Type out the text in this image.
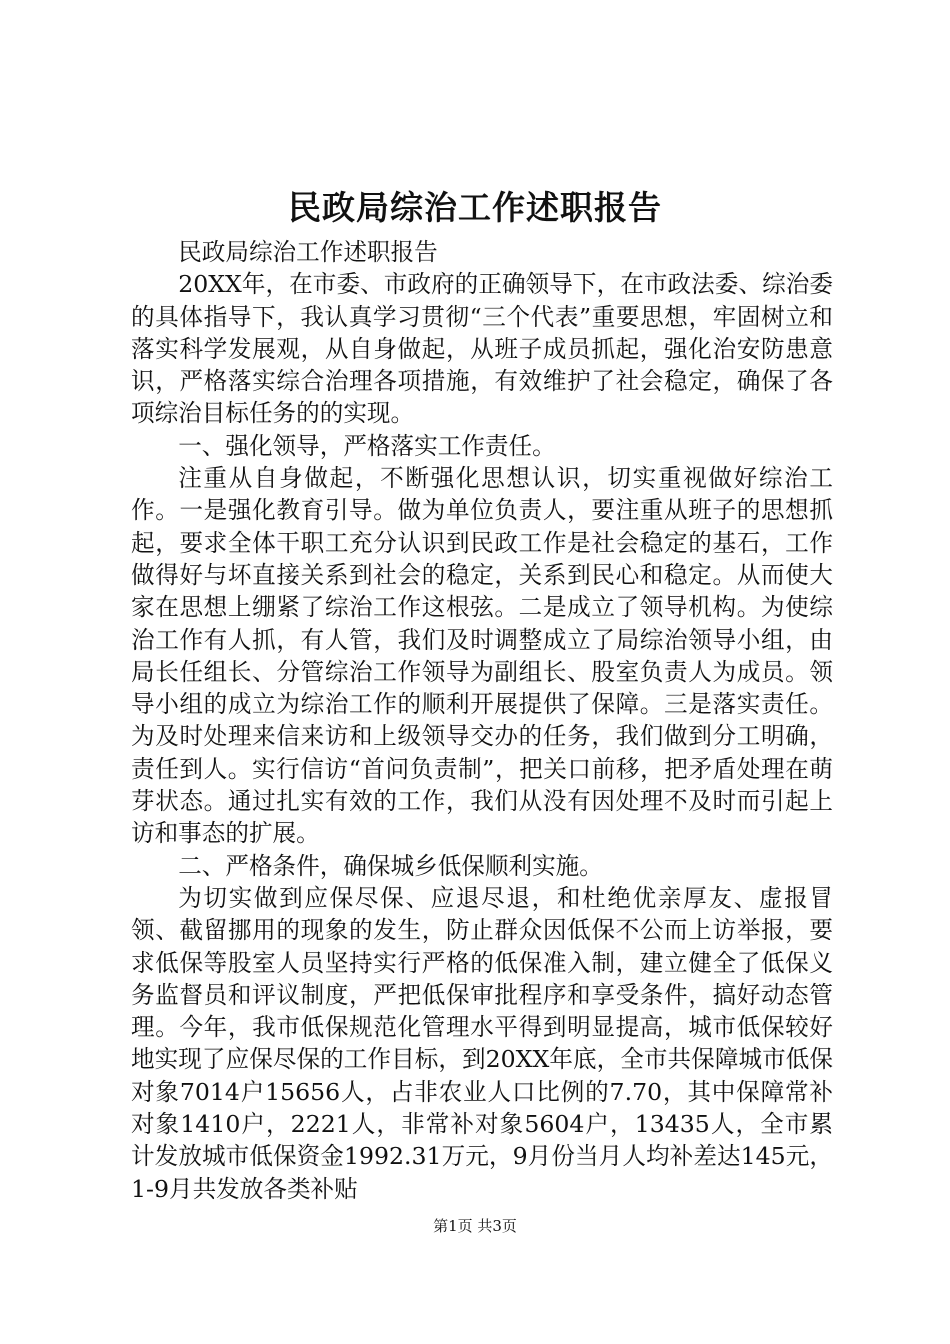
民政局综治工作述职报告

民政局综治工作述职报告

20XX年，在市委、市政府的正确领导下，在市政法委、综治委的具体指导下，我认真学习贯彻“三个代表”重要思想，牢固树立和落实科学发展观，从自身做起，从班子成员抓起，强化治安防患意识，严格落实综合治理各项措施，有效维护了社会稳定，确保了各项综治目标任务的的实现。

一、强化领导，严格落实工作责任。

注重从自身做起，不断强化思想认识，切实重视做好综治工作。一是强化教育引导。做为单位负责人，要注重从班子的思想抓起，要求全体干职工充分认识到民政工作是社会稳定的基石，工作做得好与坏直接关系到社会的稳定，关系到民心和稳定。从而使大家在思想上绷紧了综治工作这根弦。二是成立了领导机构。为使综治工作有人抓，有人管，我们及时调整成立了局综治领导小组，由局长任组长、分管综治工作领导为副组长、股室负责人为成员。领导小组的成立为综治工作的顺利开展提供了保障。三是落实责任。为及时处理来信来访和上级领导交办的任务，我们做到分工明确，责任到人。实行信访“首问负责制”，把关口前移，把矛盾处理在萌芽状态。通过扎实有效的工作，我们从没有因处理不及时而引起上访和事态的扩展。

二、严格条件，确保城乡低保顺利实施。

为切实做到应保尽保、应退尽退，和杜绝优亲厚友、虚报冒领、截留挪用的现象的发生，防止群众因低保不公而上访举报，要求低保等股室人员坚持实行严格的低保准入制，建立健全了低保义务监督员和评议制度，严把低保审批程序和享受条件，搞好动态管理。今年，我市低保规范化管理水平得到明显提高，城市低保较好地实现了应保尽保的工作目标，到20XX年底，全市共保障城市低保对象7014户15656人，占非农业人口比例的7.70，其中保障常补对象1410户，2221人，非常补对象5604户，13435人，全市累计发放城市低保资金1992.31万元，9月份当月人均补差达145元，1-9月共发放各类补贴

第1页 共3页
